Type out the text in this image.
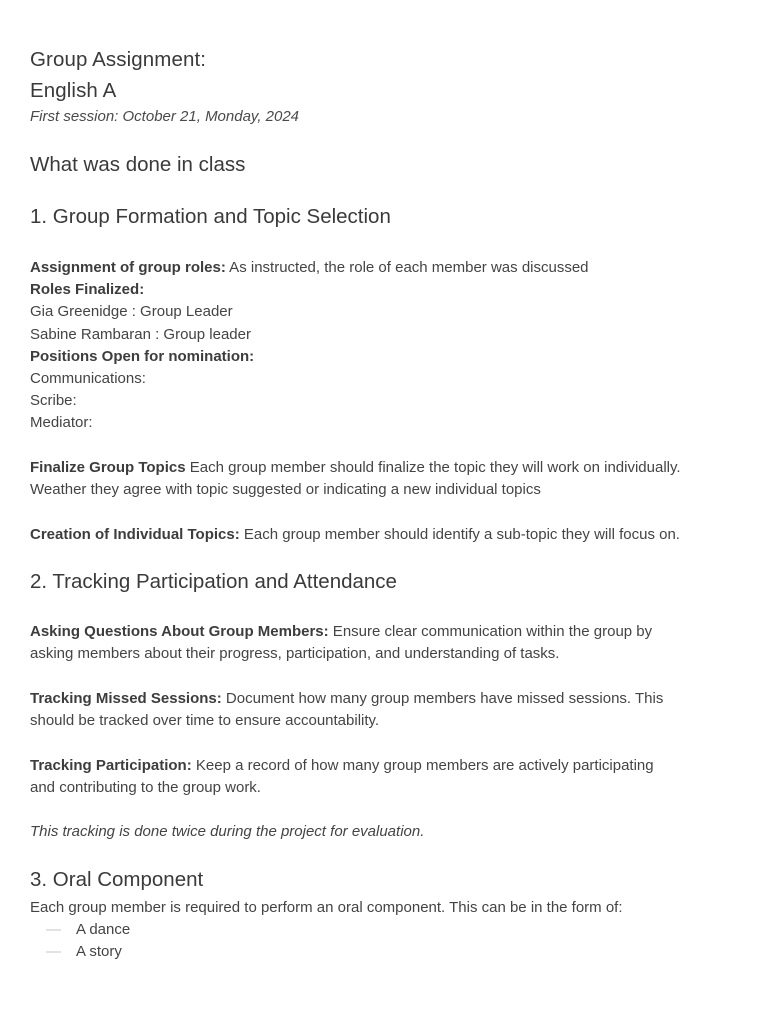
Group Assignment:
English A

First session: October 21, Monday, 2024

What was done in class
1. Group Formation and Topic Selection
Assignment of group roles: As instructed, the role of each member was discussed
Roles Finalized:
Gia Greenidge : Group Leader
Sabine Rambaran : Group leader
Positions Open for nomination:
Communications:
Scribe:
Mediator:
Finalize Group Topics Each group member should finalize the topic they will work on individually.
Weather they agree with topic suggested or indicating a new individual topics
Creation of Individual Topics: Each group member should identify a sub-topic they will focus on.
2. Tracking Participation and Attendance
Asking Questions About Group Members: Ensure clear communication within the group by
asking members about their progress, participation, and understanding of tasks.
Tracking Missed Sessions: Document how many group members have missed sessions. This
should be tracked over time to ensure accountability.
Tracking Participation: Keep a record of how many group members are actively participating
and contributing to the group work.

This tracking is done twice during the project for evaluation.

3. Oral Component

Each group member is required to perform an oral component. This can be in the form of:

— A dance
— A story
